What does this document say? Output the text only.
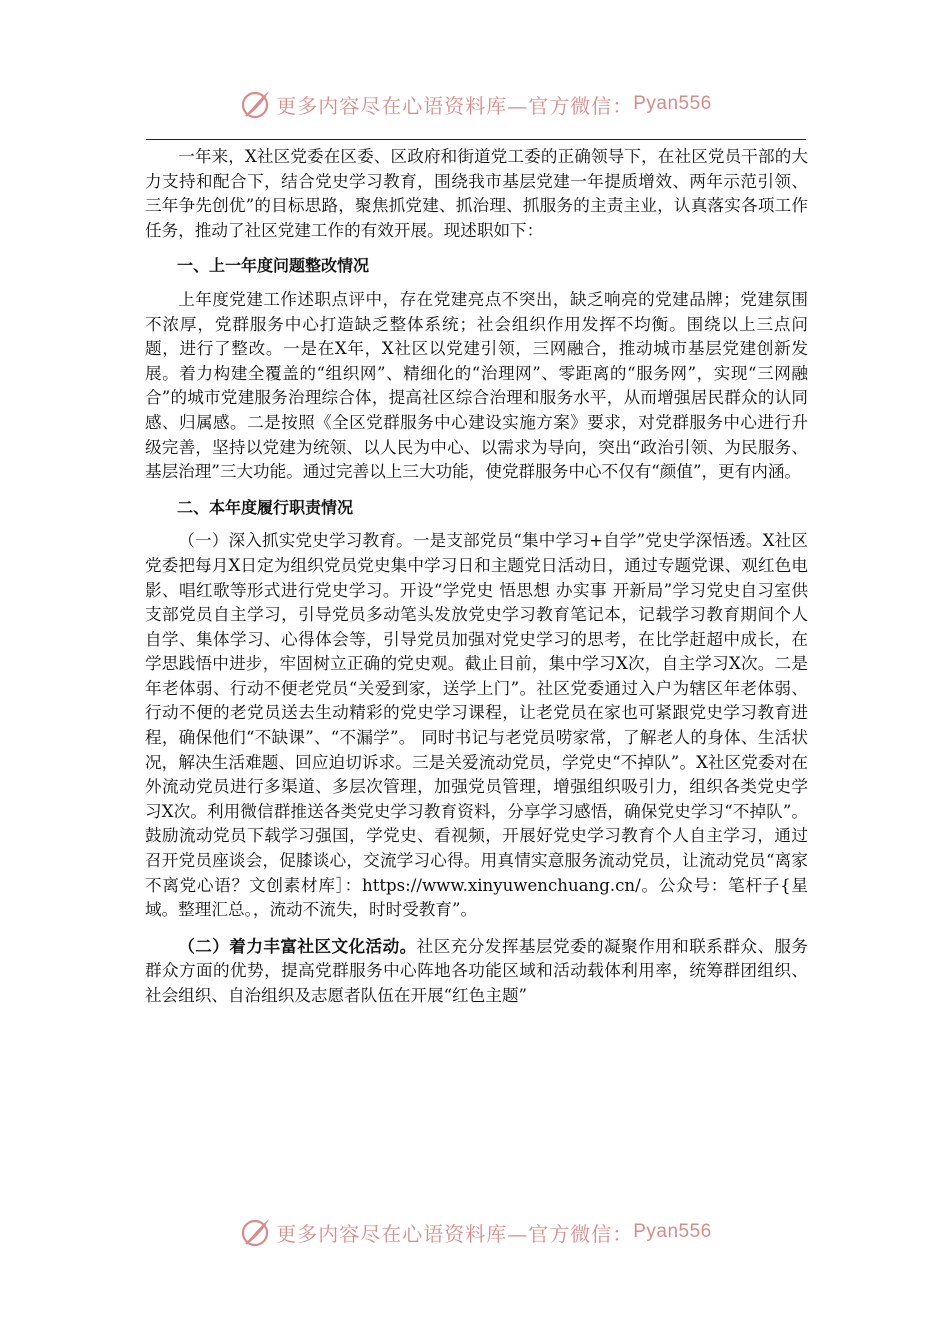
更多内容尽在心语资料库—官方微信： Pyan556

一年来，X社区党委在区委、区政府和街道党工委的正确领导下，在社区党员干部的大力支持和配合下，结合党史学习教育，围绕我市基层党建一年提质增效、两年示范引领、三年争先创优”的目标思路，聚焦抓党建、抓治理、抓服务的主责主业，认真落实各项工作任务，推动了社区党建工作的有效开展。现述职如下：

一、上一年度问题整改情况

上年度党建工作述职点评中，存在党建亮点不突出，缺乏响亮的党建品牌；党建氛围不浓厚，党群服务中心打造缺乏整体系统；社会组织作用发挥不均衡。围绕以上三点问题，进行了整改。一是在X年，X社区以党建引领，三网融合，推动城市基层党建创新发展。着力构建全覆盖的“组织网”、精细化的“治理网”、零距离的“服务网”，实现“三网融合”的城市党建服务治理综合体，提高社区综合治理和服务水平，从而增强居民群众的认同感、归属感。二是按照《全区党群服务中心建设实施方案》要求，对党群服务中心进行升级完善，坚持以党建为统领、以人民为中心、以需求为导向，突出“政治引领、为民服务、基层治理”三大功能。通过完善以上三大功能，使党群服务中心不仅有“颜值”，更有内涵。

二、本年度履行职责情况

（一）深入抓实党史学习教育。一是支部党员“集中学习+自学”党史学深悟透。X社区党委把每月X日定为组织党员党史集中学习日和主题党日活动日，通过专题党课、观红色电影、唱红歌等形式进行党史学习。开设“学党史 悟思想 办实事 开新局”学习党史自习室供支部党员自主学习，引导党员多动笔头发放党史学习教育笔记本，记载学习教育期间个人自学、集体学习、心得体会等，引导党员加强对党史学习的思考，在比学赶超中成长，在学思践悟中进步，牢固树立正确的党史观。截止目前，集中学习X次，自主学习X次。二是年老体弱、行动不便老党员“关爱到家，送学上门”。社区党委通过入户为辖区年老体弱、行动不便的老党员送去生动精彩的党史学习课程，让老党员在家也可紧跟党史学习教育进程，确保他们“不缺课”、“不漏学”。 同时书记与老党员唠家常，了解老人的身体、生活状况，解决生活难题、回应迫切诉求。三是关爱流动党员，学党史“不掉队”。X社区党委对在外流动党员进行多渠道、多层次管理，加强党员管理，增强组织吸引力，组织各类党史学习X次。利用微信群推送各类党史学习教育资料，分享学习感悟，确保党史学习“不掉队”。鼓励流动党员下载学习强国，学党史、看视频，开展好党史学习教育个人自主学习，通过召开党员座谈会，促膝谈心，交流学习心得。用真情实意服务流动党员，让流动党员“离家不离党心语？文创素材库］：https://www.xinyuwenchuang.cn/。公众号：笔杆子{星域。整理汇总。，流动不流失，时时受教育”。

（二）着力丰富社区文化活动。社区充分发挥基层党委的凝聚作用和联系群众、服务群众方面的优势，提高党群服务中心阵地各功能区域和活动载体利用率，统筹群团组织、社会组织、自治组织及志愿者队伍在开展“红色主题”

更多内容尽在心语资料库—官方微信： Pyan556
